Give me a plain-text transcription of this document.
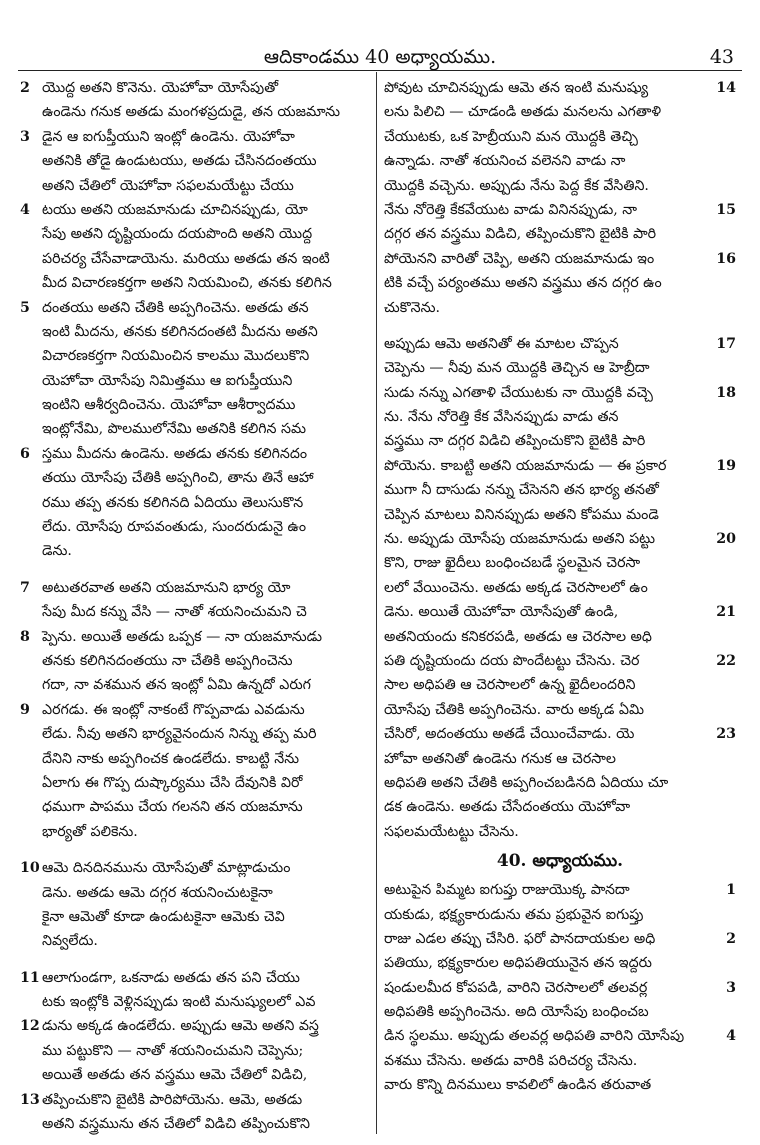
ఆదికాండము 40 అధ్యాయము.	43
2 యొద్ద అతని కొనెను. యెహోవా యోసేపుతో
ఉండెను గనుక అతడు మంగళప్రదుడై, తన యజమాను
3 డైన ఆ ఐగుప్తీయుని ఇంట్లో ఉండెను. యెహోవా
అతనికి తోడై ఉండుటయు, అతడు చేసినదంతయు
అతని చేతిలో యెహోవా సఫలమయేట్టు చేయు
4 టయు అతని యజమానుడు చూచినప్పుడు, యో
సేపు అతని దృష్టియందు దయపొంది అతని యొద్ద
పరిచర్య చేసేవాడాయెను. మరియు అతడు తన ఇంటి
మీద విచారణకర్తగా అతని నియమించి, తనకు కలిగిన
5 దంతయు అతని చేతికి అప్పగించెను. అతడు తన
ఇంటి మీదను, తనకు కలిగినదంతటి మీదను అతని
విచారణకర్తగా నియమించిన కాలము మొదలుకొని
యెహోవా యోసేపు నిమిత్తము ఆ ఐగుప్తీయుని
ఇంటిని ఆశీర్వదించెను. యెహోవా ఆశీర్వాదము
ఇంట్లోనేమి, పొలములోనేమి అతనికి కలిగిన సమ
6 స్తము మీదను ఉండెను. అతడు తనకు కలిగినదం
తయు యోసేపు చేతికి అప్పగించి, తాను తినే ఆహా
రము తప్ప తనకు కలిగినది ఏదియు తెలుసుకొన
లేదు. యోసేపు రూపవంతుడు, సుందరుడునై ఉం
డెను.
7 అటుతరవాత అతని యజమానుని భార్య యో
సేపు మీద కన్ను వేసి — నాతో శయనించుమని చె
8 ప్పెను. అయితే అతడు ఒప్పక — నా యజమానుడు
తనకు కలిగినదంతయు నా చేతికి అప్పగించెను
గదా, నా వశమున తన ఇంట్లో ఏమి ఉన్నదో ఎరుగ
9 ఎరగడు. ఈ ఇంట్లో నాకంటే గొప్పవాడు ఎవడును
లేడు. నీవు అతని భార్యవైనందున నిన్ను తప్ప మరి
దేనిని నాకు అప్పగించక ఉండలేదు. కాబట్టి నేను
ఏలాగు ఈ గొప్ప దుష్కార్యము చేసి దేవునికి విరో
ధముగా పాపము చేయ గలనని తన యజమాను
భార్యతో పలికెను.
10 ఆమె దినదినమును యోసేపుతో మాట్లాడుచుం
డెను. అతడు ఆమె దగ్గర శయనించుటకైనా
కైనా ఆమెతో కూడా ఉండుటకైనా ఆమెకు చెవి
నివ్వలేదు.
11 ఆలాగుండగా, ఒకనాడు అతడు తన పని చేయు
టకు ఇంట్లోకి వెళ్లినప్పుడు ఇంటి మనుష్యులలో ఎవ
12 డును అక్కడ ఉండలేదు. అప్పుడు ఆమె అతని వస్త్ర
ము పట్టుకొని — నాతో శయనించుమని చెప్పెను;
అయితే అతడు తన వస్త్రము ఆమె చేతిలో విడిచి,
13 తప్పించుకొని బైటికి పారిపోయెను. ఆమె, అతడు
అతని వస్త్రమును తన చేతిలో విడిచి తప్పించుకొని
14
పోవుట చూచినప్పుడు ఆమె తన ఇంటి మనుష్యు
లను పిలిచి — చూడండి అతడు మనలను ఎగతాళి
చేయుటకు, ఒక హెబ్రీయుని మన యొద్దకి తెచ్చి
ఉన్నాడు. నాతో శయనించ వలెనని వాడు నా
యొద్దకి వచ్చెను. అప్పుడు నేను పెద్ద కేక వేసితిని.
15
నేను నోరెత్తి కేకవేయుట వాడు వినినప్పుడు, నా
దగ్గర తన వస్త్రము విడిచి, తప్పించుకొని బైటికి పారి
16
పోయెనని వారితో చెప్పి, అతని యజమానుడు ఇం
టికి వచ్చే పర్యంతము అతని వస్త్రము తన దగ్గర ఉం
చుకొనెను.
17
అప్పుడు ఆమె అతనితో ఈ మాటల చొప్పన
చెప్పెను — నీవు మన యొద్దకి తెచ్చిన ఆ హెబ్రీదా
18
సుడు నన్ను ఎగతాళి చేయుటకు నా యొద్దకి వచ్చె
ను. నేను నోరెత్తి కేక వేసినప్పుడు వాడు తన
వస్త్రము నా దగ్గర విడిచి తప్పించుకొని బైటికి పారి
19
పోయెను. కాబట్టి అతని యజమానుడు — ఈ ప్రకార
ముగా నీ దాసుడు నన్ను చేసెనని తన భార్య తనతో
చెప్పిన మాటలు వినినప్పుడు అతని కోపము మండె
20
ను. అప్పుడు యోసేపు యజమానుడు అతని పట్టు
కొని, రాజు ఖైదీలు బంధించబడే స్థలమైన చెరసా
లలో వేయించెను. అతడు అక్కడ చెరసాలలో ఉం
21
డెను. అయితే యెహోవా యోసేపుతో ఉండి,
అతనియందు కనికరపడి, అతడు ఆ చెరసాల అధి
22
పతి దృష్టియందు దయ పొందేటట్టు చేసెను. చెర
సాల అధిపతి ఆ చెరసాలలో ఉన్న ఖైదీలందరిని
యోసేపు చేతికి అప్పగించెను. వారు అక్కడ ఏమి
23
చేసిరో, అదంతయు అతడే చేయించేవాడు. యె
హోవా అతనితో ఉండెను గనుక ఆ చెరసాల
అధిపతి అతని చేతికి అప్పగించబడినది ఏదియు చూ
డక ఉండెను. అతడు చేసేదంతయు యెహోవా
సఫలమయేటట్టు చేసెను.
40. అధ్యాయము.
1
అటుపైన పిమ్మట ఐగుప్తు రాజుయొక్క పానదా
యకుడు, భక్ష్యకారుడును తమ ప్రభువైన ఐగుప్తు
2
రాజు ఎడల తప్పు చేసిరి. ఫరో పానదాయకుల అధి
పతియు, భక్ష్యకారుల అధిపతియునైన తన ఇద్దరు
3
షండులమీద కోపపడి, వారిని చెరసాలలో తలవర్ల
అధిపతికి అప్పగించెను. అది యోసేపు బంధించబ
4
డిన స్థలము. అప్పుడు తలవర్ల అధిపతి వారిని యోసేపు
వశము చేసెను. అతడు వారికి పరిచర్య చేసెను.
వారు కొన్ని దినములు కావలిలో ఉండిన తరువాత
